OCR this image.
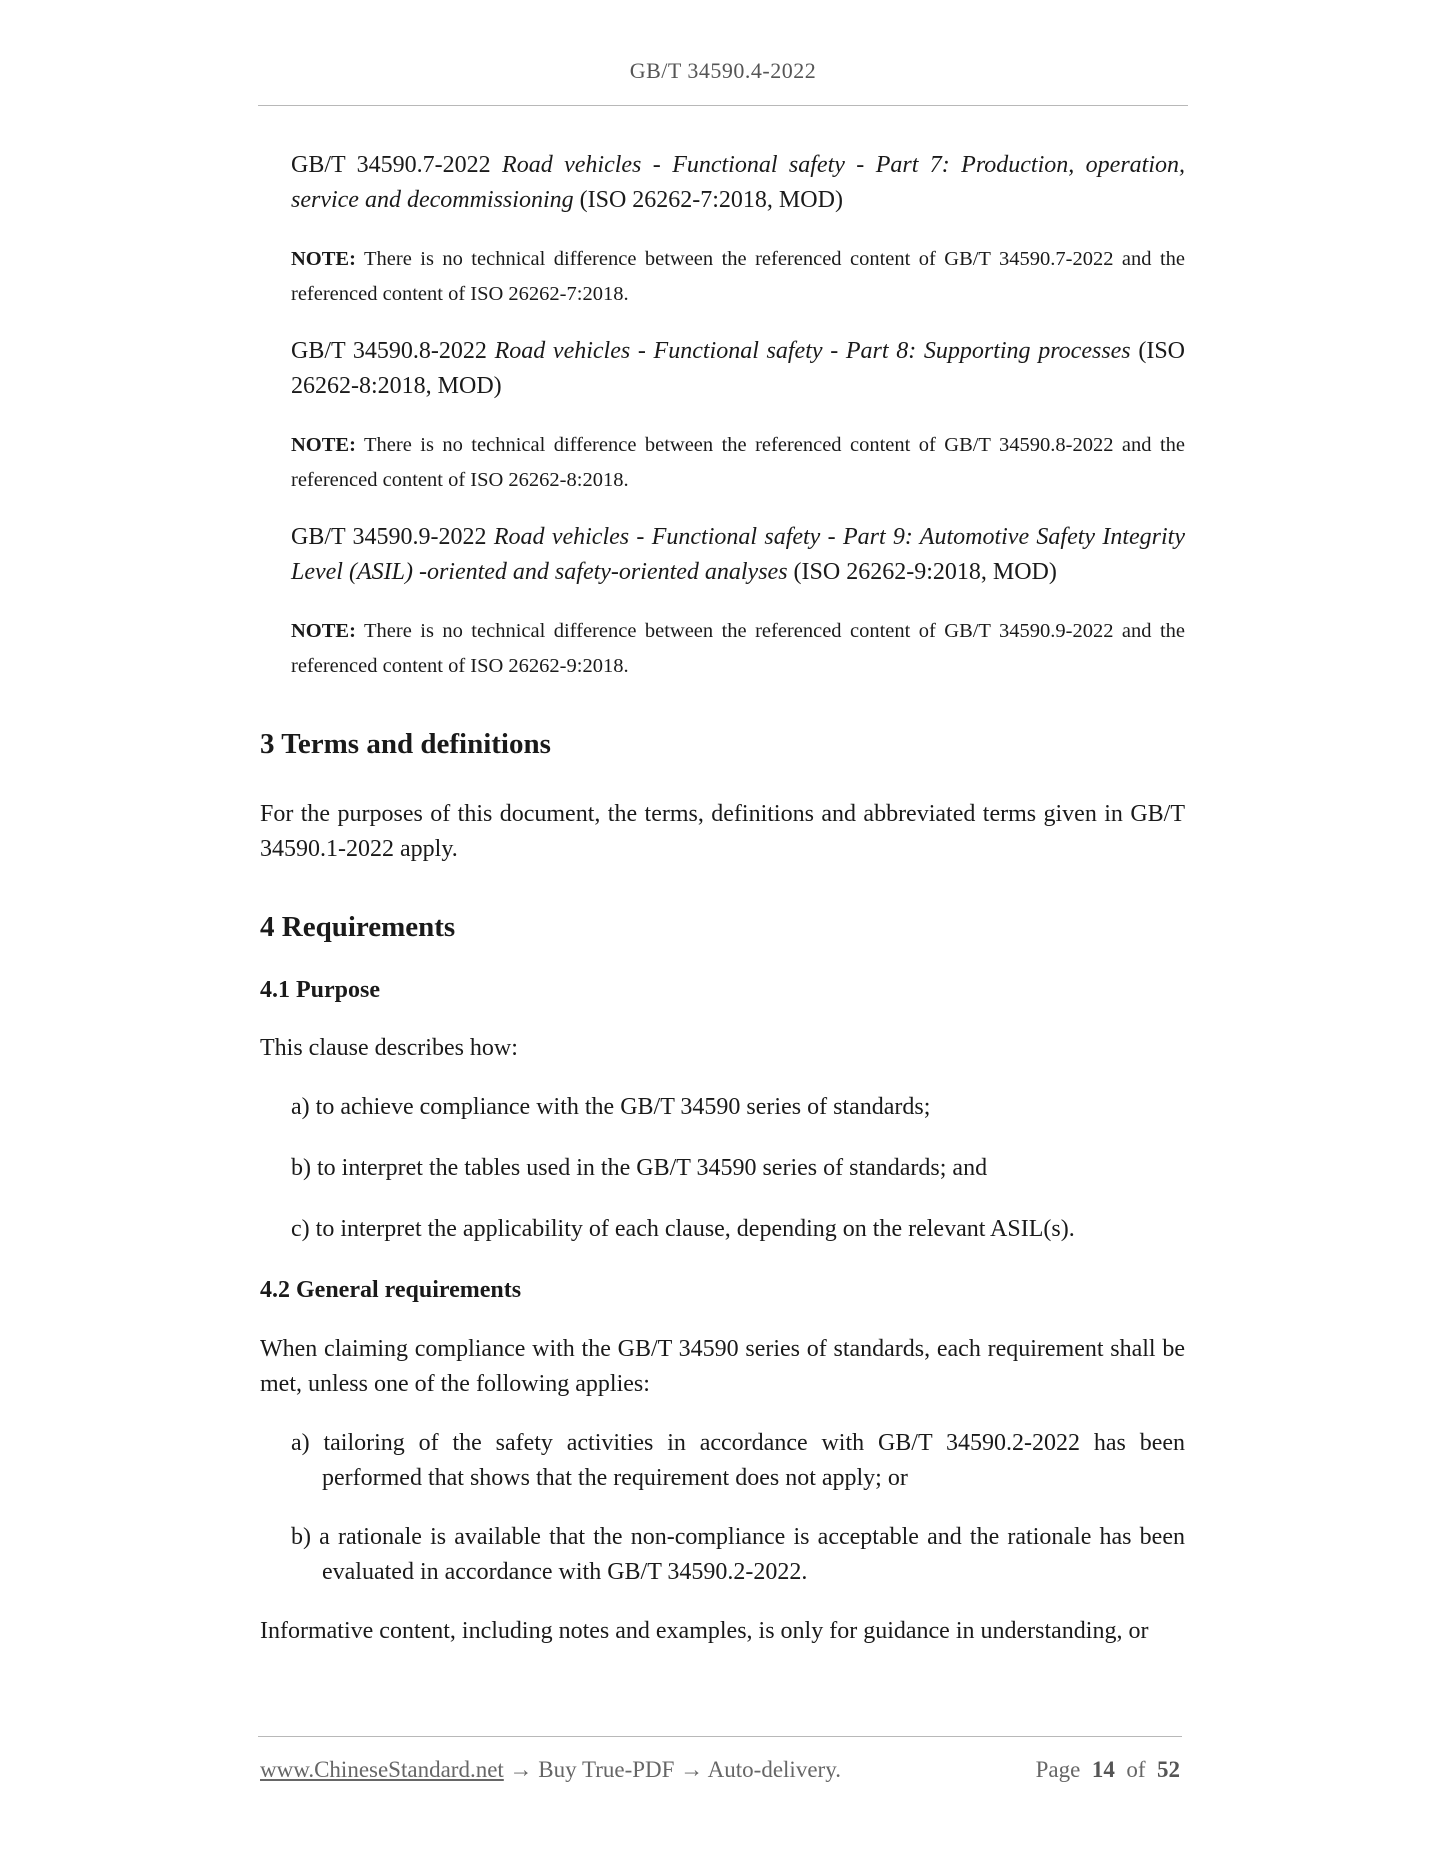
GB/T 34590.4-2022
GB/T 34590.7-2022 Road vehicles - Functional safety - Part 7: Production, operation, service and decommissioning (ISO 26262-7:2018, MOD)
NOTE: There is no technical difference between the referenced content of GB/T 34590.7-2022 and the referenced content of ISO 26262-7:2018.
GB/T 34590.8-2022 Road vehicles - Functional safety - Part 8: Supporting processes (ISO 26262-8:2018, MOD)
NOTE: There is no technical difference between the referenced content of GB/T 34590.8-2022 and the referenced content of ISO 26262-8:2018.
GB/T 34590.9-2022 Road vehicles - Functional safety - Part 9: Automotive Safety Integrity Level (ASIL) -oriented and safety-oriented analyses (ISO 26262-9:2018, MOD)
NOTE: There is no technical difference between the referenced content of GB/T 34590.9-2022 and the referenced content of ISO 26262-9:2018.
3 Terms and definitions

For the purposes of this document, the terms, definitions and abbreviated terms given in GB/T 34590.1-2022 apply.

4 Requirements
4.1 Purpose

This clause describes how:

a) to achieve compliance with the GB/T 34590 series of standards;
b) to interpret the tables used in the GB/T 34590 series of standards; and
c) to interpret the applicability of each clause, depending on the relevant ASIL(s).
4.2 General requirements

When claiming compliance with the GB/T 34590 series of standards, each requirement shall be met, unless one of the following applies:

a) tailoring of the safety activities in accordance with GB/T 34590.2-2022 has been performed that shows that the requirement does not apply; or
b) a rationale is available that the non-compliance is acceptable and the rationale has been evaluated in accordance with GB/T 34590.2-2022.

Informative content, including notes and examples, is only for guidance in understanding, or

www.ChineseStandard.net → Buy True-PDF → Auto-delivery.	Page 14 of 52
